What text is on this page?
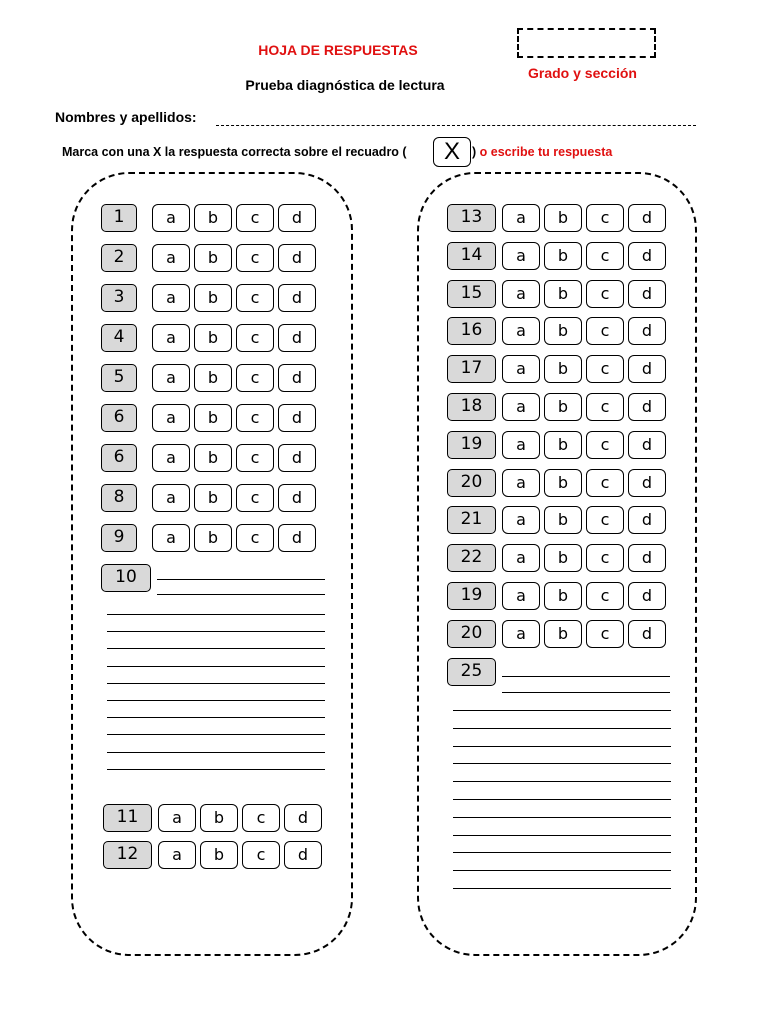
HOJA DE RESPUESTAS
Grado y sección
Prueba diagnóstica de lectura
Nombres y apellidos:
Marca con una X la respuesta correcta sobre el recuadro (	X ) o escribe tu respuesta
1	a	b	c	d
2	a	b	c	d
3	a	b	c	d
4	a	b	c	d
5	a	b	c	d
6	a	b	c	d
6	a	b	c	d
8	a	b	c	d
9	a	b	c	d
10
11	a	b	c	d
12	a	b	c	d
13	a	b	c	d
14	a	b	c	d
15	a	b	c	d
16	a	b	c	d
17	a	b	c	d
18	a	b	c	d
19	a	b	c	d
20	a	b	c	d
21	a	b	c	d
22	a	b	c	d
19	a	b	c	d
20	a	b	c	d
25
